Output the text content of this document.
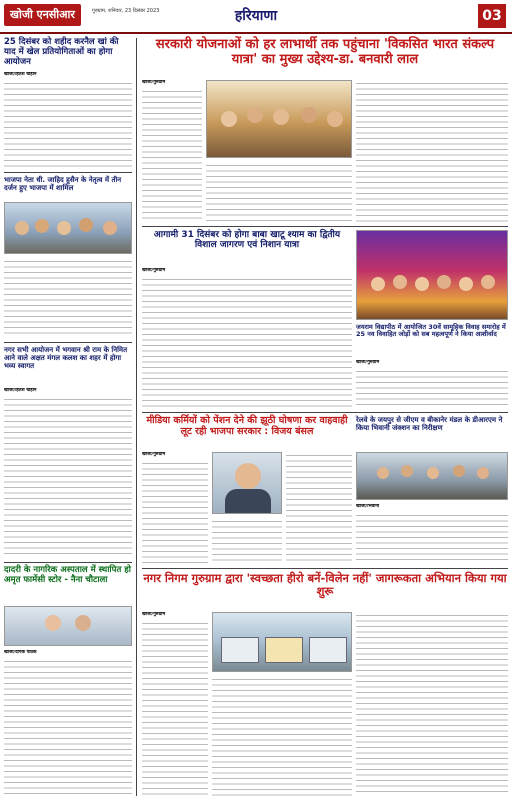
खोजी एनसीआर	गुरुग्राम, शनिवार, 23 दिसंबर 2023	हरियाणा	03
25 दिसंबर को शहीद करनैल खां की याद में खेल प्रतियोगिताओं का होगा आयोजन
खोजी/हितेश चौहान
भाजपा नेता धी. जाहिद हुसैन के नेतृत्व में तीन दर्जन हुए भाजपा में शामिल
नगर सभी आयोजन में भगवान श्री राम के निमित आने वाले अक्षत मंगल कलश का शहर में होगा भव्य स्वागत
खोजी/हितेश चौहान
दादरी के नागरिक अस्पताल में स्थापित हो अमृत फार्मेसी स्टोर - नैना चौटाला
खोजी/दीपक पाठक
सरकारी योजनाओं को हर लाभार्थी तक पहुंचाना 'विकसित भारत संकल्प यात्रा' का मुख्य उद्देश्य-डा. बनवारी लाल
खोजी/गुरुग्राम
आगामी 31 दिसंबर को होगा बाबा खाटू श्याम का द्वितीय विशाल जागरण एवं निशान यात्रा
खोजी/गुरुग्राम
जयराम विद्यापीठ में आयोजित 30वें सामूहिक विवाह समारोह में 25 नव विवाहित जोड़ों को सब महत्वपूर्ण ने किया आशीर्वाद
खोजी/गुरुग्राम
मीडिया कर्मियों को पेंशन देने की झूठी घोषणा कर वाहवाही लूट रही भाजपा सरकार : विजय बंसल
खोजी/गुरुग्राम
रेलवे के जयपुर से जीएम व बीकानेर मंडल के डीआरएम ने किया भिवानी जंक्शन का निरीक्षण
खोजी/भिवानी
नगर निगम गुरुग्राम द्वारा 'स्वच्छता हीरो बनें-विलेन नहीं' जागरूकता अभियान किया गया शुरू
खोजी/गुरुग्राम
